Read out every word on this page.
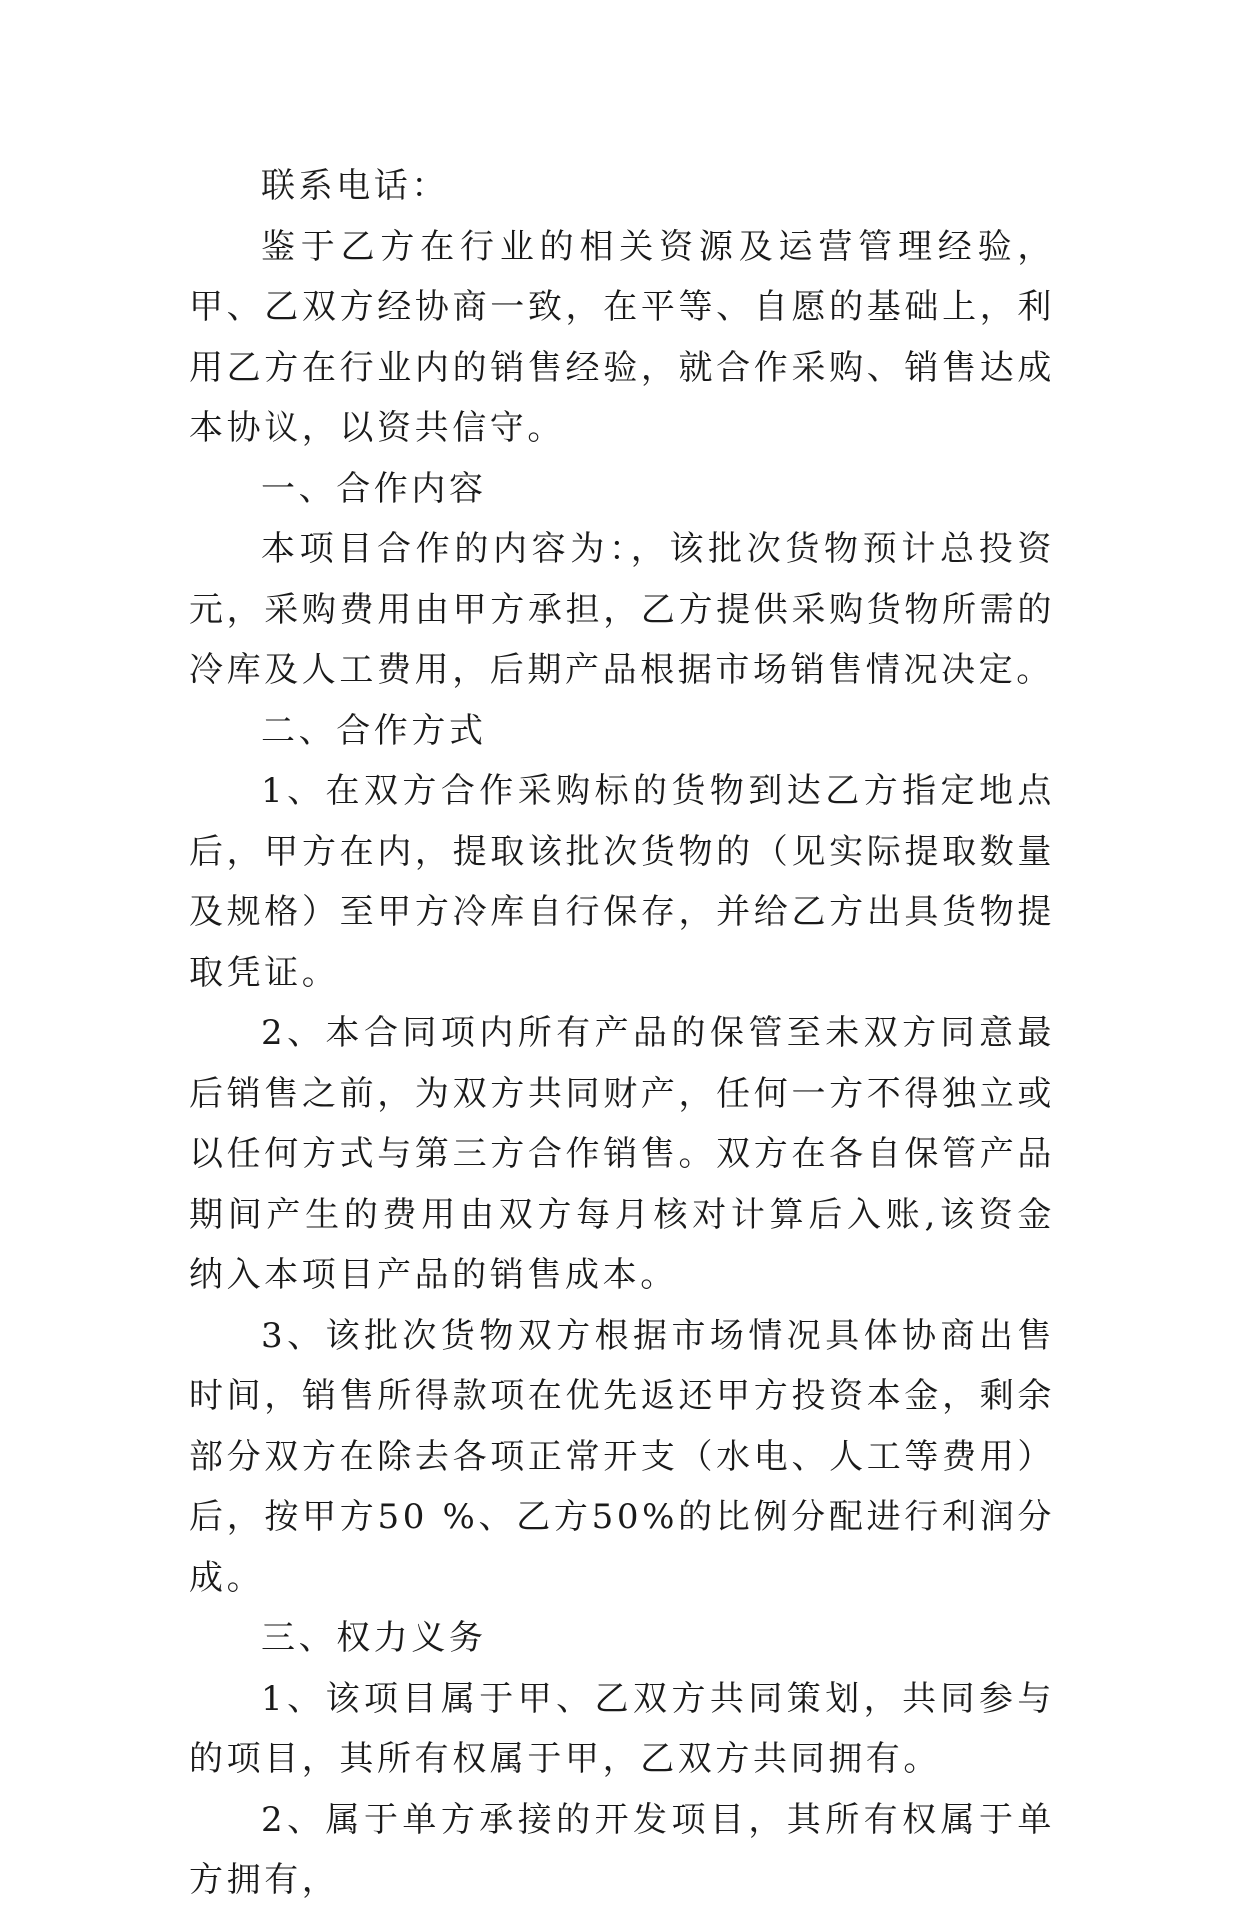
联系电话：

鉴于乙方在行业的相关资源及运营管理经验，甲、乙双方经协商一致，在平等、自愿的基础上，利用乙方在行业内的销售经验，就合作采购、销售达成本协议，以资共信守。

一、合作内容

本项目合作的内容为：，该批次货物预计总投资元，采购费用由甲方承担，乙方提供采购货物所需的冷库及人工费用，后期产品根据市场销售情况决定。

二、合作方式

1、在双方合作采购标的货物到达乙方指定地点后，甲方在内，提取该批次货物的（见实际提取数量及规格）至甲方冷库自行保存，并给乙方出具货物提取凭证。

2、本合同项内所有产品的保管至未双方同意最后销售之前，为双方共同财产，任何一方不得独立或以任何方式与第三方合作销售。双方在各自保管产品期间产生的费用由双方每月核对计算后入账,该资金纳入本项目产品的销售成本。

3、该批次货物双方根据市场情况具体协商出售时间，销售所得款项在优先返还甲方投资本金，剩余部分双方在除去各项正常开支（水电、人工等费用）后，按甲方50 %、乙方50%的比例分配进行利润分成。

三、权力义务

1、该项目属于甲、乙双方共同策划，共同参与的项目，其所有权属于甲，乙双方共同拥有。

2、属于单方承接的开发项目，其所有权属于单方拥有，
